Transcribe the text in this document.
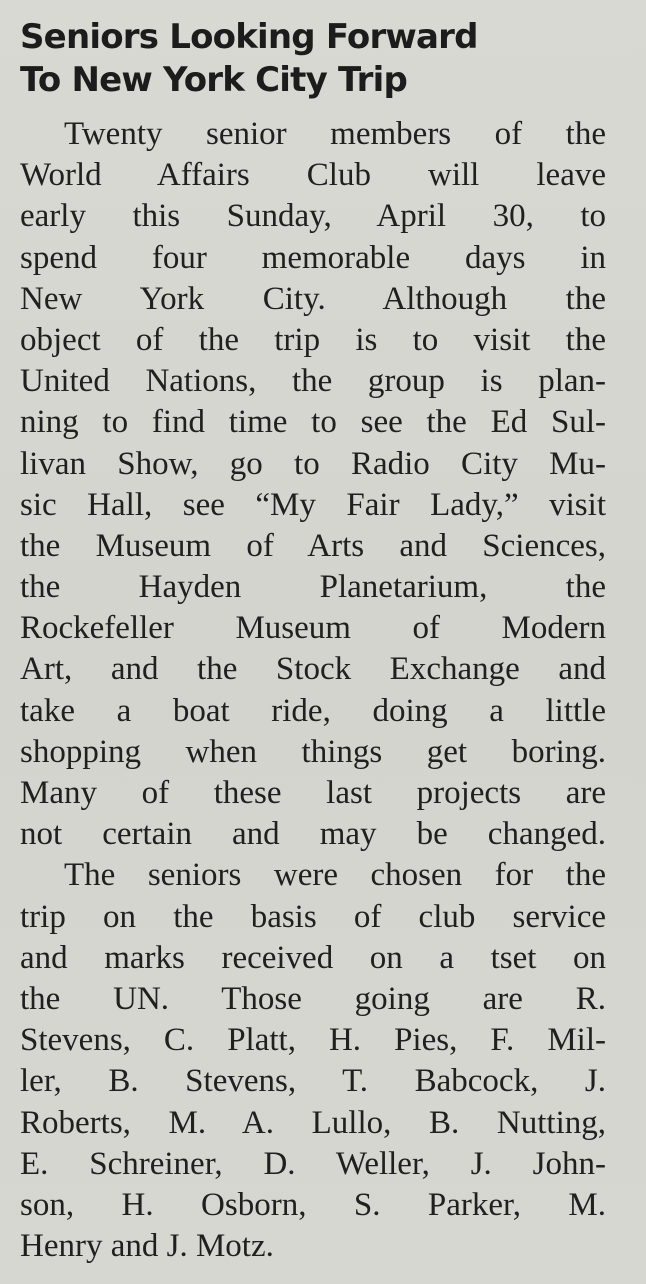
Seniors Looking Forward
To New York City Trip
Twenty senior members of the
World Affairs Club will leave
early this Sunday, April 30, to
spend four memorable days in
New York City. Although the
object of the trip is to visit the
United Nations, the group is plan-
ning to find time to see the Ed Sul-
livan Show, go to Radio City Mu-
sic Hall, see “My Fair Lady,” visit
the Museum of Arts and Sciences,
the Hayden Planetarium, the
Rockefeller Museum of Modern
Art, and the Stock Exchange and
take a boat ride, doing a little
shopping when things get boring.
Many of these last projects are
not certain and may be changed.
The seniors were chosen for the
trip on the basis of club service
and marks received on a tset on
the UN. Those going are R.
Stevens, C. Platt, H. Pies, F. Mil-
ler, B. Stevens, T. Babcock, J.
Roberts, M. A. Lullo, B. Nutting,
E. Schreiner, D. Weller, J. John-
son, H. Osborn, S. Parker, M.
Henry and J. Motz.
